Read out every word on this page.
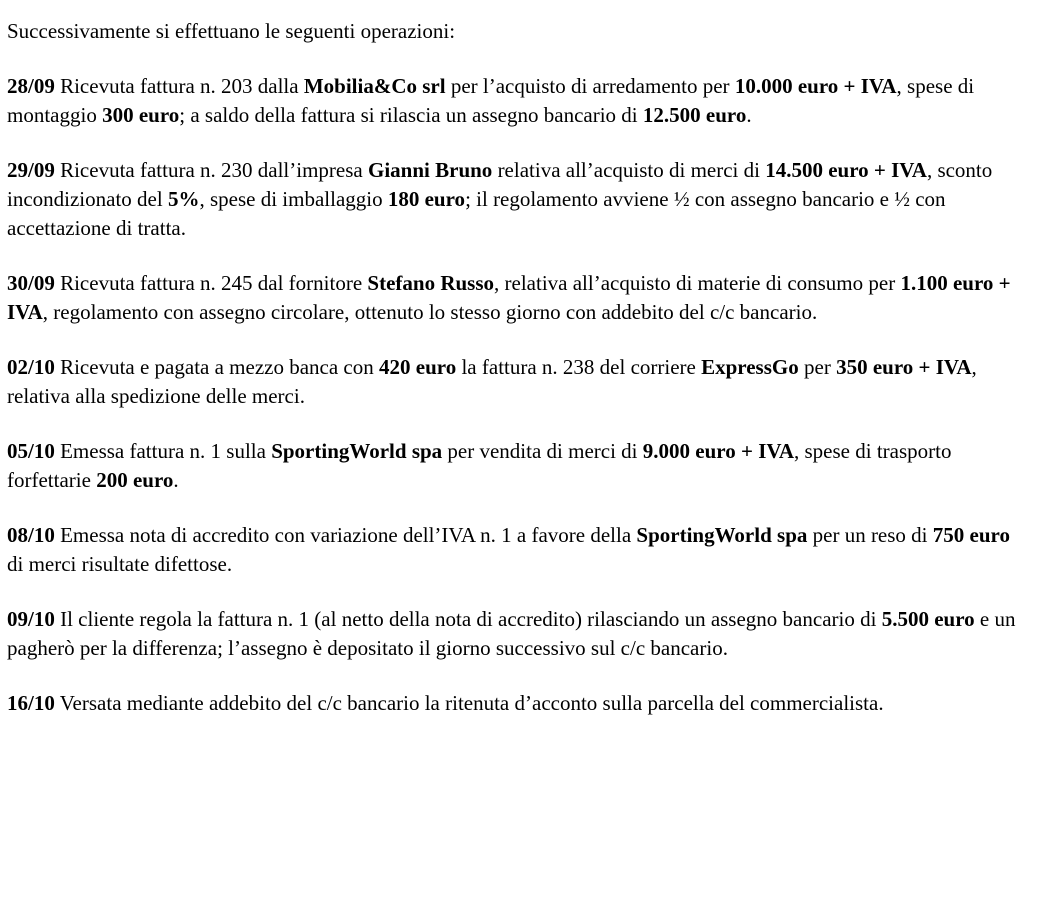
Successivamente si effettuano le seguenti operazioni:

28/09 Ricevuta fattura n. 203 dalla Mobilia&Co srl per l’acquisto di arredamento per 10.000 euro + IVA, spese di montaggio 300 euro; a saldo della fattura si rilascia un assegno bancario di 12.500 euro.

29/09 Ricevuta fattura n. 230 dall’impresa Gianni Bruno relativa all’acquisto di merci di 14.500 euro + IVA, sconto incondizionato del 5%, spese di imballaggio 180 euro; il regolamento avviene ½ con assegno bancario e ½ con accettazione di tratta.

30/09 Ricevuta fattura n. 245 dal fornitore Stefano Russo, relativa all’acquisto di materie di consumo per 1.100 euro + IVA, regolamento con assegno circolare, ottenuto lo stesso giorno con addebito del c/c bancario.

02/10 Ricevuta e pagata a mezzo banca con 420 euro la fattura n. 238 del corriere ExpressGo per 350 euro + IVA, relativa alla spedizione delle merci.

05/10 Emessa fattura n. 1 sulla SportingWorld spa per vendita di merci di 9.000 euro + IVA, spese di trasporto forfettarie 200 euro.

08/10 Emessa nota di accredito con variazione dell’IVA n. 1 a favore della SportingWorld spa per un reso di 750 euro di merci risultate difettose.

09/10 Il cliente regola la fattura n. 1 (al netto della nota di accredito) rilasciando un assegno bancario di 5.500 euro e un pagherò per la differenza; l’assegno è depositato il giorno successivo sul c/c bancario.

16/10 Versata mediante addebito del c/c bancario la ritenuta d’acconto sulla parcella del commercialista.
